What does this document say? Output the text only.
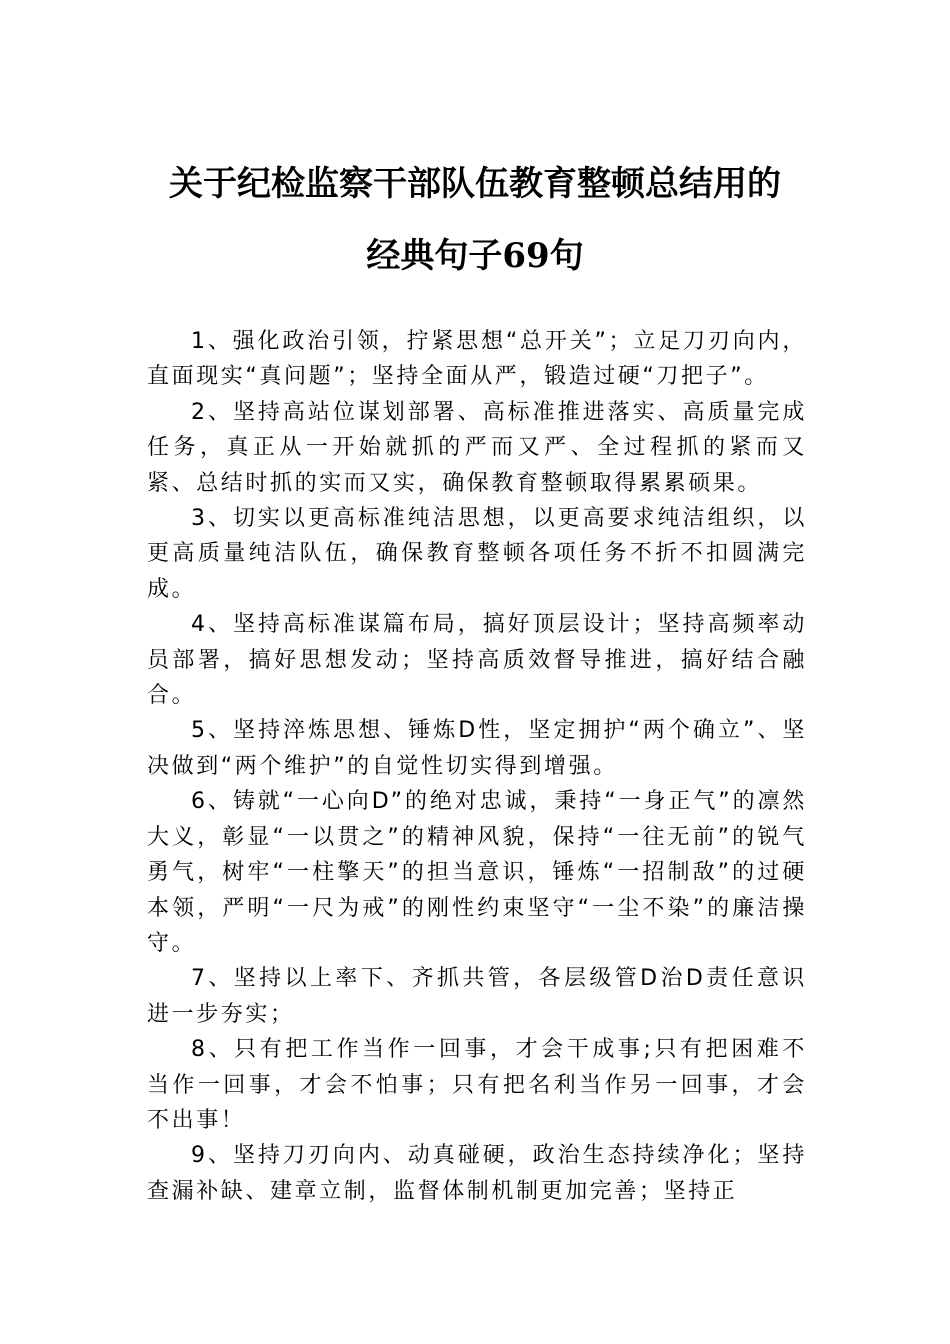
关于纪检监察干部队伍教育整顿总结用的
经典句子69句

1、强化政治引领，拧紧思想“总开关”；立足刀刃向内，直面现实“真问题”；坚持全面从严，锻造过硬“刀把子”。

2、坚持高站位谋划部署、高标准推进落实、高质量完成任务，真正从一开始就抓的严而又严、全过程抓的紧而又紧、总结时抓的实而又实，确保教育整顿取得累累硕果。

3、切实以更高标准纯洁思想，以更高要求纯洁组织，以更高质量纯洁队伍，确保教育整顿各项任务不折不扣圆满完成。

4、坚持高标准谋篇布局，搞好顶层设计；坚持高频率动员部署，搞好思想发动；坚持高质效督导推进，搞好结合融合。

5、坚持淬炼思想、锤炼D性，坚定拥护“两个确立”、坚决做到“两个维护”的自觉性切实得到增强。

6、铸就“一心向D”的绝对忠诚，秉持“一身正气”的凛然大义，彰显“一以贯之”的精神风貌，保持“一往无前”的锐气勇气，树牢“一柱擎天”的担当意识，锤炼“一招制敌”的过硬本领，严明“一尺为戒”的刚性约束坚守“一尘不染”的廉洁操守。

7、坚持以上率下、齐抓共管，各层级管D治D责任意识进一步夯实；

8、只有把工作当作一回事，才会干成事;只有把困难不当作一回事，才会不怕事；只有把名利当作另一回事，才会不出事！

9、坚持刀刃向内、动真碰硬，政治生态持续净化；坚持查漏补缺、建章立制，监督体制机制更加完善；坚持正
